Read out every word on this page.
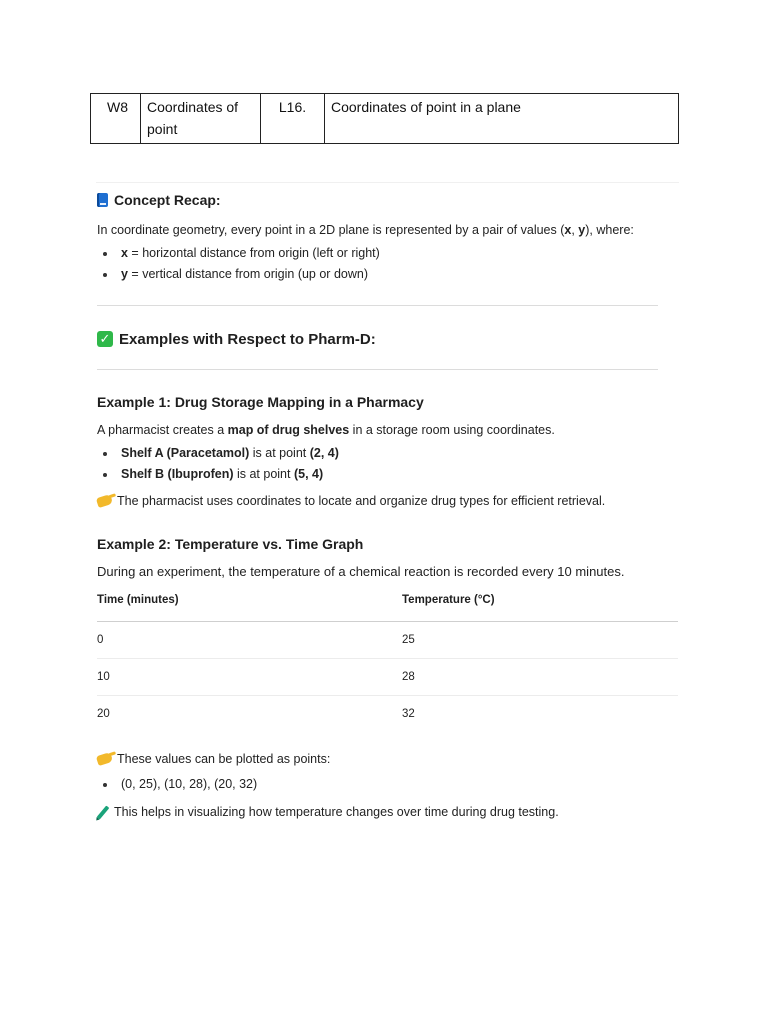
W8	Coordinates of point	L16.	Coordinates of point in a plane
Concept Recap:

In coordinate geometry, every point in a 2D plane is represented by a pair of values (x, y), where:

x = horizontal distance from origin (left or right)
y = vertical distance from origin (up or down)
✓ Examples with Respect to Pharm-D:
Example 1: Drug Storage Mapping in a Pharmacy

A pharmacist creates a map of drug shelves in a storage room using coordinates.

Shelf A (Paracetamol) is at point (2, 4)
Shelf B (Ibuprofen) is at point (5, 4)
The pharmacist uses coordinates to locate and organize drug types for efficient retrieval.
Example 2: Temperature vs. Time Graph

During an experiment, the temperature of a chemical reaction is recorded every 10 minutes.

Time (minutes)	Temperature (°C)
0	25
10	28
20	32
These values can be plotted as points:
(0, 25), (10, 28), (20, 32)
This helps in visualizing how temperature changes over time during drug testing.
